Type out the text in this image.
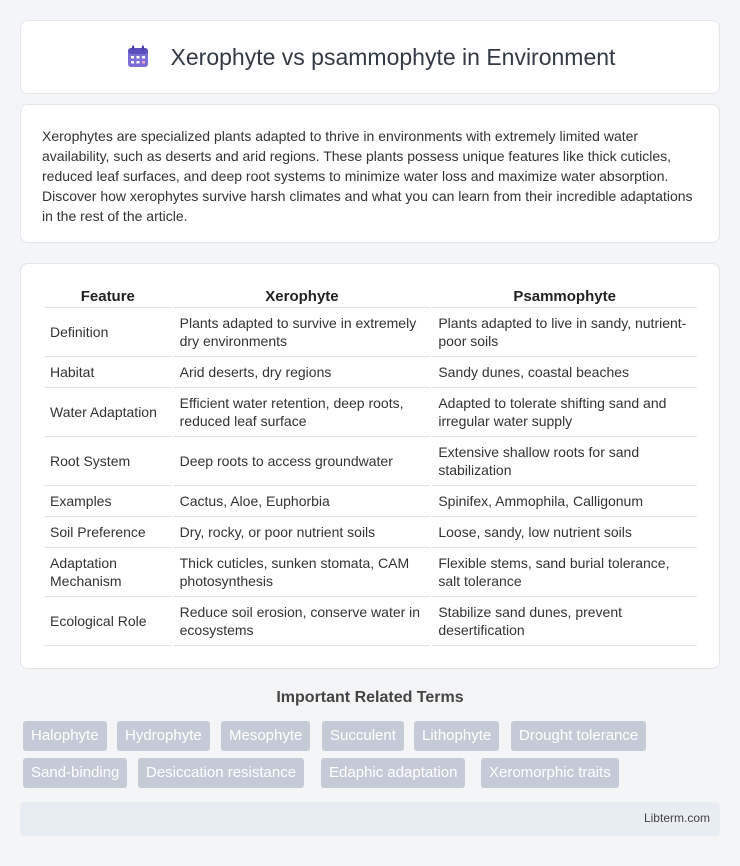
Xerophyte vs psammophyte in Environment

Xerophytes are specialized plants adapted to thrive in environments with extremely limited water availability, such as deserts and arid regions. These plants possess unique features like thick cuticles, reduced leaf surfaces, and deep root systems to minimize water loss and maximize water absorption. Discover how xerophytes survive harsh climates and what you can learn from their incredible adaptations in the rest of the article.

Feature	Xerophyte	Psammophyte
Definition	Plants adapted to survive in extremely dry environments	Plants adapted to live in sandy, nutrient-poor soils
Habitat	Arid deserts, dry regions	Sandy dunes, coastal beaches
Water Adaptation	Efficient water retention, deep roots, reduced leaf surface	Adapted to tolerate shifting sand and irregular water supply
Root System	Deep roots to access groundwater	Extensive shallow roots for sand stabilization
Examples	Cactus, Aloe, Euphorbia	Spinifex, Ammophila, Calligonum
Soil Preference	Dry, rocky, or poor nutrient soils	Loose, sandy, low nutrient soils
Adaptation Mechanism	Thick cuticles, sunken stomata, CAM photosynthesis	Flexible stems, sand burial tolerance, salt tolerance
Ecological Role	Reduce soil erosion, conserve water in ecosystems	Stabilize sand dunes, prevent desertification
Important Related Terms
Halophyte	Hydrophyte	Mesophyte	Succulent	Lithophyte	Drought tolerance
Sand-binding	Desiccation resistance	Edaphic adaptation	Xeromorphic traits
Libterm.com
